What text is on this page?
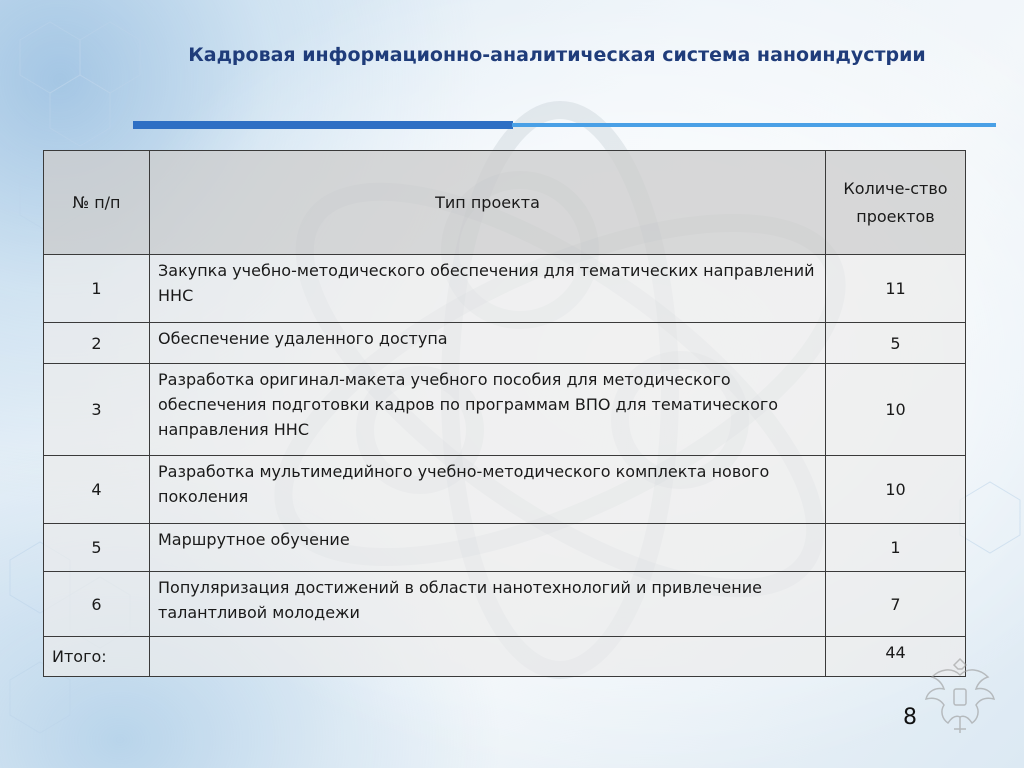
Кадровая информационно-аналитическая система наноиндустрии
№ п/п	Тип проекта	Количе-ство проектов
1	Закупка учебно-методического обеспечения для тематических направлений ННС	11
2	Обеспечение удаленного доступа	5
3	Разработка оригинал-макета учебного пособия для методического обеспечения подготовки кадров по программам ВПО для тематического направления ННС	10
4	Разработка мультимедийного учебно-методического комплекта нового поколения	10
5	Маршрутное обучение	1
6	Популяризация достижений в области нанотехнологий и привлечение талантливой молодежи	7
Итого:		44
8
